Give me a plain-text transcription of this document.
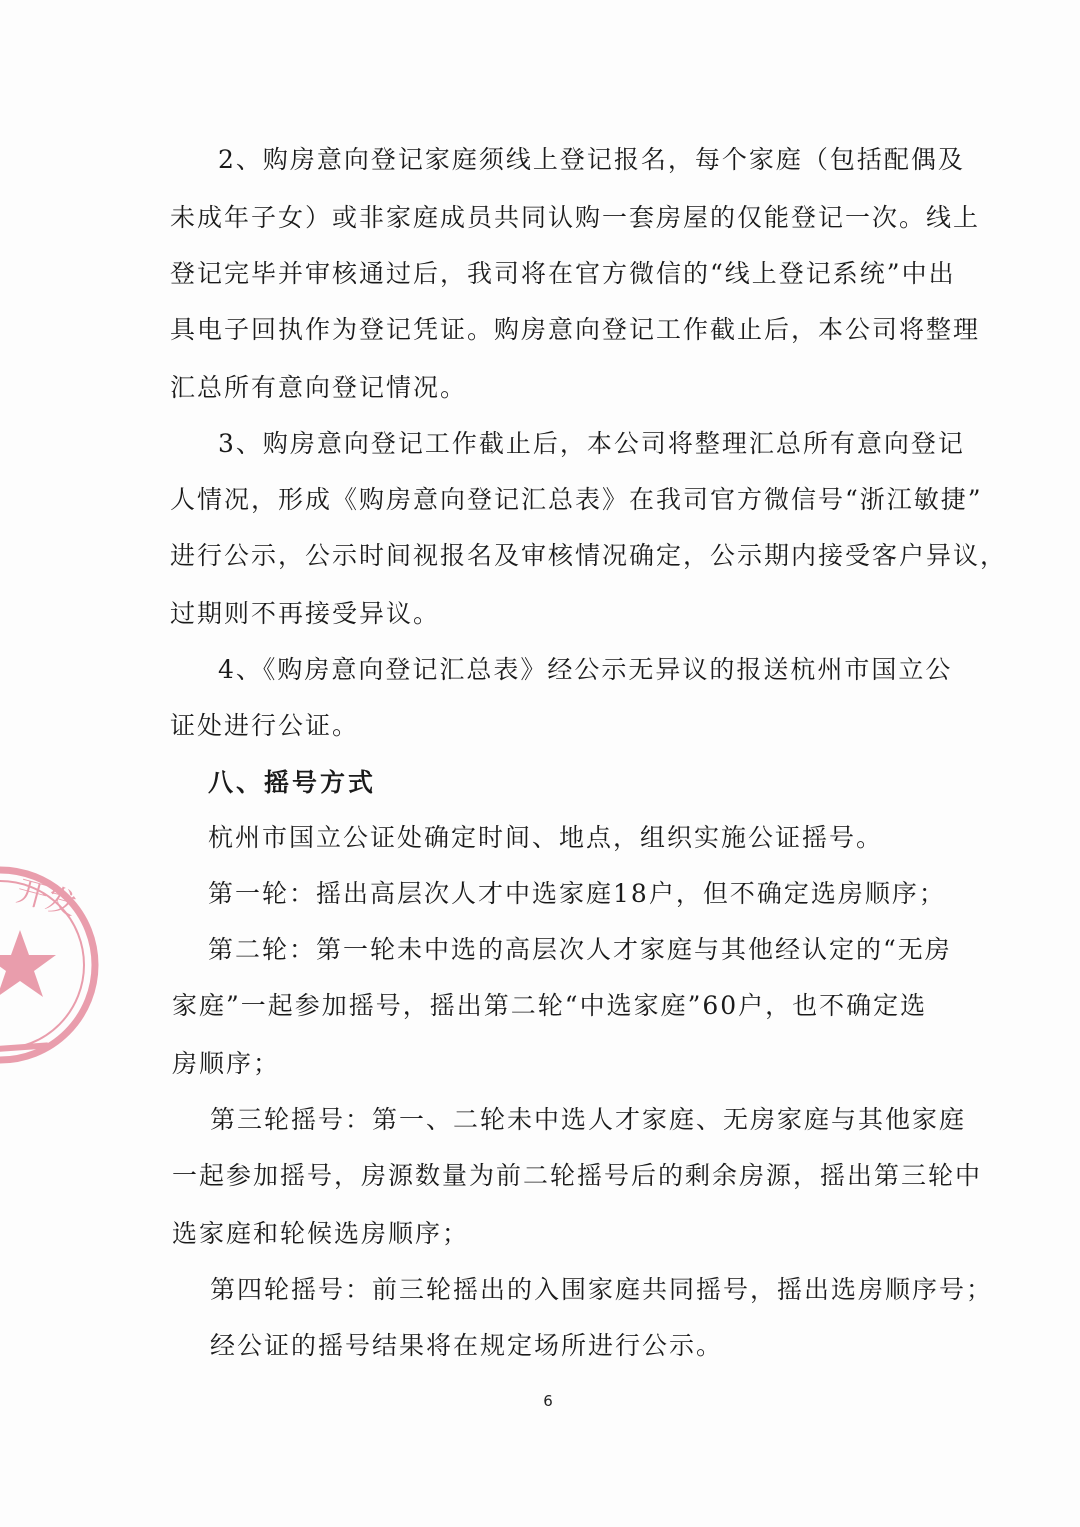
2、购房意向登记家庭须线上登记报名，每个家庭（包括配偶及
未成年子女）或非家庭成员共同认购一套房屋的仅能登记一次。线上
登记完毕并审核通过后，我司将在官方微信的“线上登记系统”中出
具电子回执作为登记凭证。购房意向登记工作截止后，本公司将整理
汇总所有意向登记情况。
3、购房意向登记工作截止后，本公司将整理汇总所有意向登记
人情况，形成《购房意向登记汇总表》在我司官方微信号“浙江敏捷”
进行公示，公示时间视报名及审核情况确定，公示期内接受客户异议，
过期则不再接受异议。
4、《购房意向登记汇总表》经公示无异议的报送杭州市国立公
证处进行公证。
八、摇号方式
杭州市国立公证处确定时间、地点，组织实施公证摇号。
第一轮：摇出高层次人才中选家庭18户，但不确定选房顺序；
第二轮：第一轮未中选的高层次人才家庭与其他经认定的“无房
家庭”一起参加摇号，摇出第二轮“中选家庭”60户，也不确定选
房顺序；
第三轮摇号：第一、二轮未中选人才家庭、无房家庭与其他家庭
一起参加摇号，房源数量为前二轮摇号后的剩余房源，摇出第三轮中
选家庭和轮候选房顺序；
第四轮摇号：前三轮摇出的入围家庭共同摇号，摇出选房顺序号；
经公证的摇号结果将在规定场所进行公示。
开发
6
